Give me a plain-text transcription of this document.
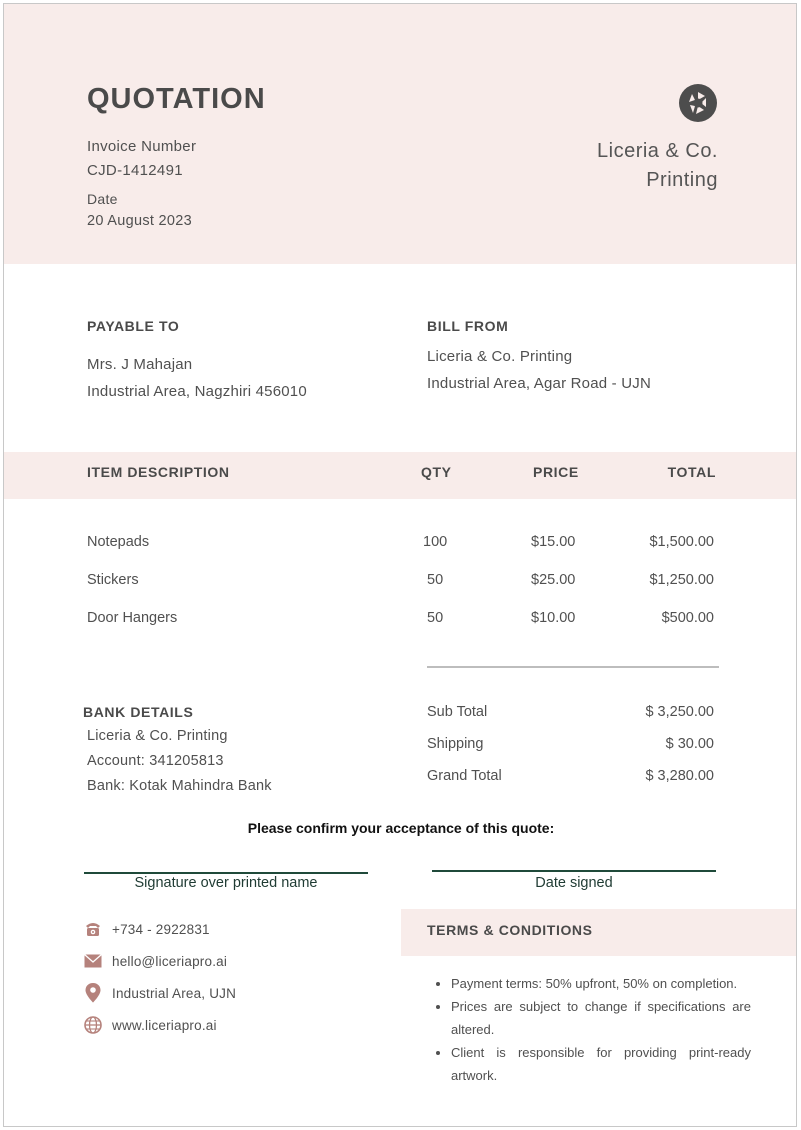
QUOTATION
Invoice Number
CJD-1412491
Date
20 August 2023
Liceria & Co.
Printing
PAYABLE TO
Mrs. J Mahajan
Industrial Area, Nagzhiri 456010
BILL FROM
Liceria & Co. Printing
Industrial Area, Agar Road - UJN
ITEM DESCRIPTION	QTY	PRICE	TOTAL
Notepads	100	$15.00	$1,500.00
Stickers	50	$25.00	$1,250.00
Door Hangers	50	$10.00	$500.00
BANK DETAILS
Liceria & Co. Printing
Account: 341205813
Bank: Kotak Mahindra Bank
Sub Total	$ 3,250.00
Shipping	$ 30.00
Grand Total	$ 3,280.00
Please confirm your acceptance of this quote:
Signature over printed name	Date signed
+734 - 2922831
hello@liceriapro.ai
Industrial Area, UJN
www.liceriapro.ai
TERMS & CONDITIONS
• Payment terms: 50% upfront, 50% on completion.
• Prices are subject to change if specifications are altered.
• Client is responsible for providing print-ready artwork.
